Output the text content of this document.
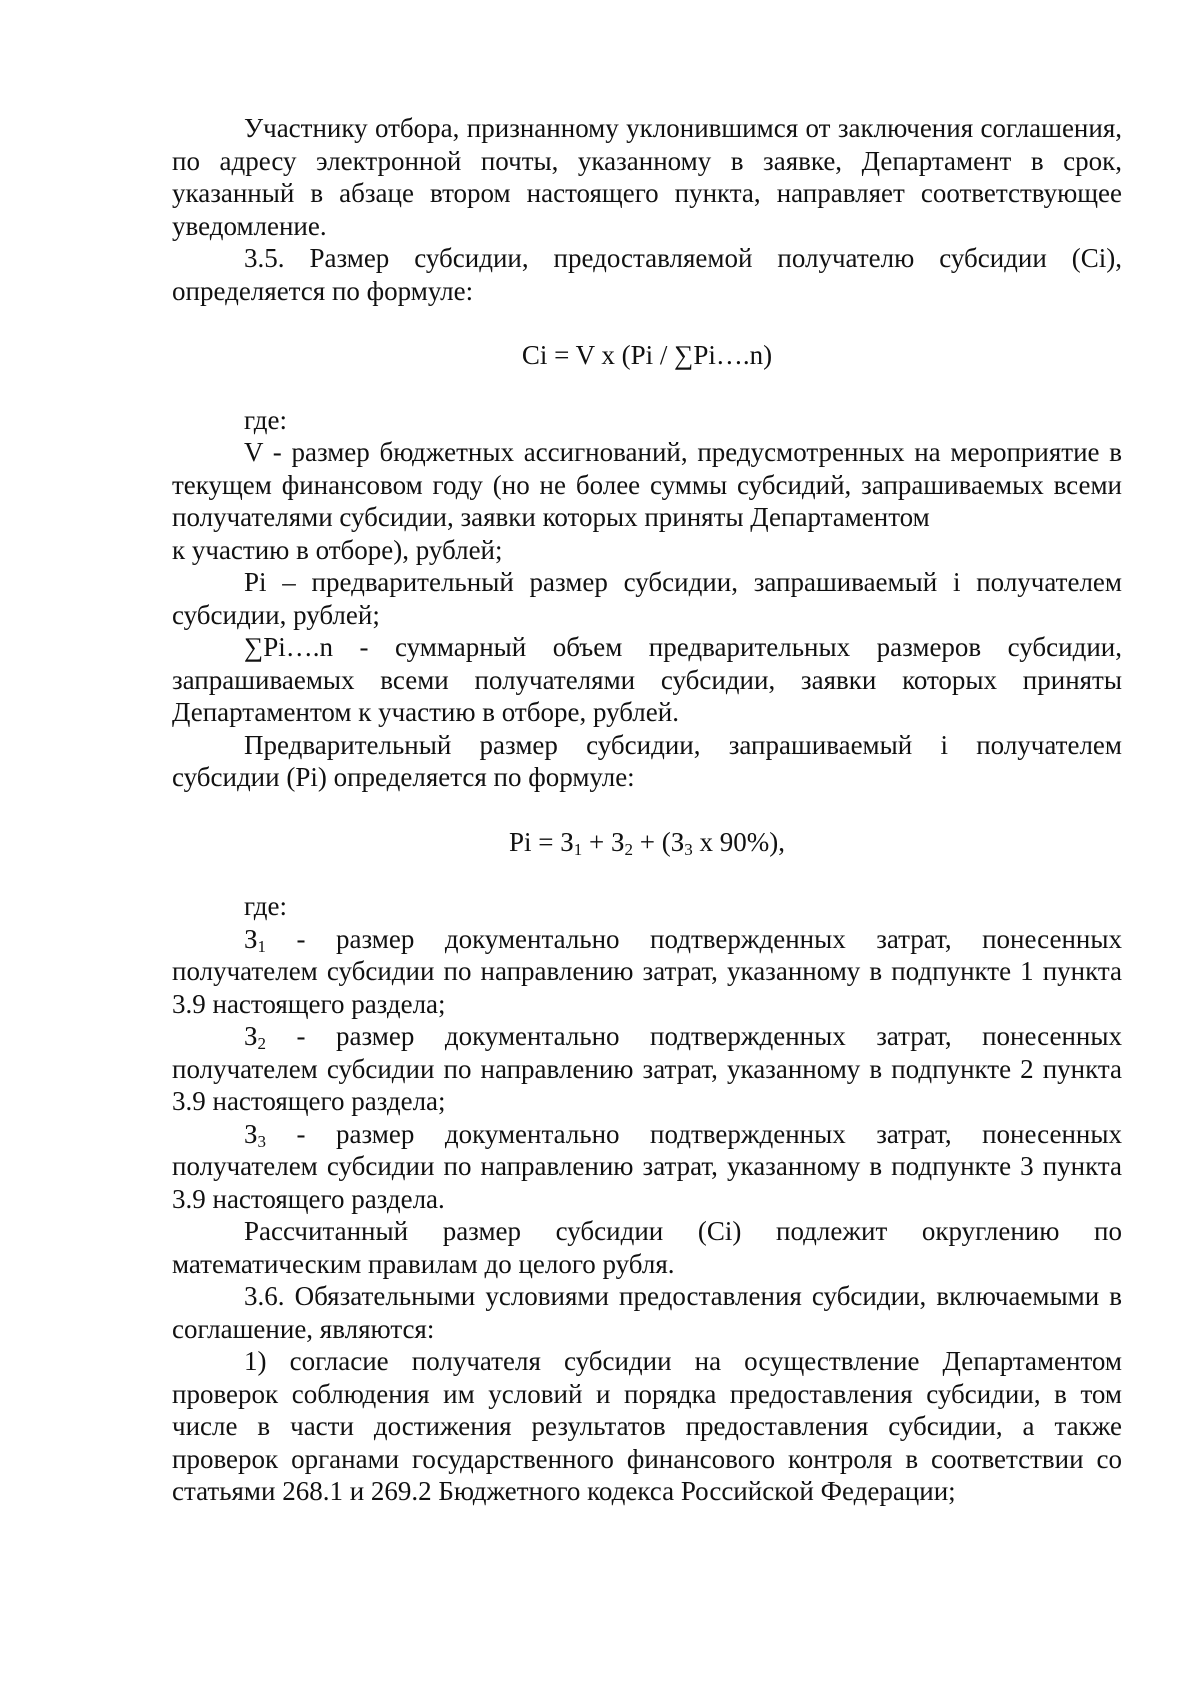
Участнику отбора, признанному уклонившимся от заключения соглашения, по адресу электронной почты, указанному в заявке, Департамент в срок, указанный в абзаце втором настоящего пункта, направляет соответствующее уведомление.

3.5. Размер субсидии, предоставляемой получателю субсидии (Ci), определяется по формуле:

Ci = V x (Pi / ∑Pi….n)

где:

V - размер бюджетных ассигнований, предусмотренных на мероприятие в текущем финансовом году (но не более суммы субсидий, запрашиваемых всеми получателями субсидии, заявки которых приняты Департаментом

к участию в отборе), рублей;

Pi – предварительный размер субсидии, запрашиваемый i получателем субсидии, рублей;

∑Pi….n - суммарный объем предварительных размеров субсидии, запрашиваемых всеми получателями субсидии, заявки которых приняты Департаментом к участию в отборе, рублей.

Предварительный размер субсидии, запрашиваемый i получателем субсидии (Pi) определяется по формуле:

$Pi = З_1 + З_2 + (З_3$ x 90%),

где:

$З_1$ - размер документально подтвержденных затрат, понесенных получателем субсидии по направлению затрат, указанному в подпункте 1 пункта 3.9 настоящего раздела;

$З_2$ - размер документально подтвержденных затрат, понесенных получателем субсидии по направлению затрат, указанному в подпункте 2 пункта 3.9 настоящего раздела;

$З_3$ - размер документально подтвержденных затрат, понесенных получателем субсидии по направлению затрат, указанному в подпункте 3 пункта 3.9 настоящего раздела.

Рассчитанный размер субсидии (Ci) подлежит округлению по математическим правилам до целого рубля.

3.6. Обязательными условиями предоставления субсидии, включаемыми в соглашение, являются:

1) согласие получателя субсидии на осуществление Департаментом проверок соблюдения им условий и порядка предоставления субсидии, в том числе в части достижения результатов предоставления субсидии, а также проверок органами государственного финансового контроля в соответствии со статьями 268.1 и 269.2 Бюджетного кодекса Российской Федерации;
